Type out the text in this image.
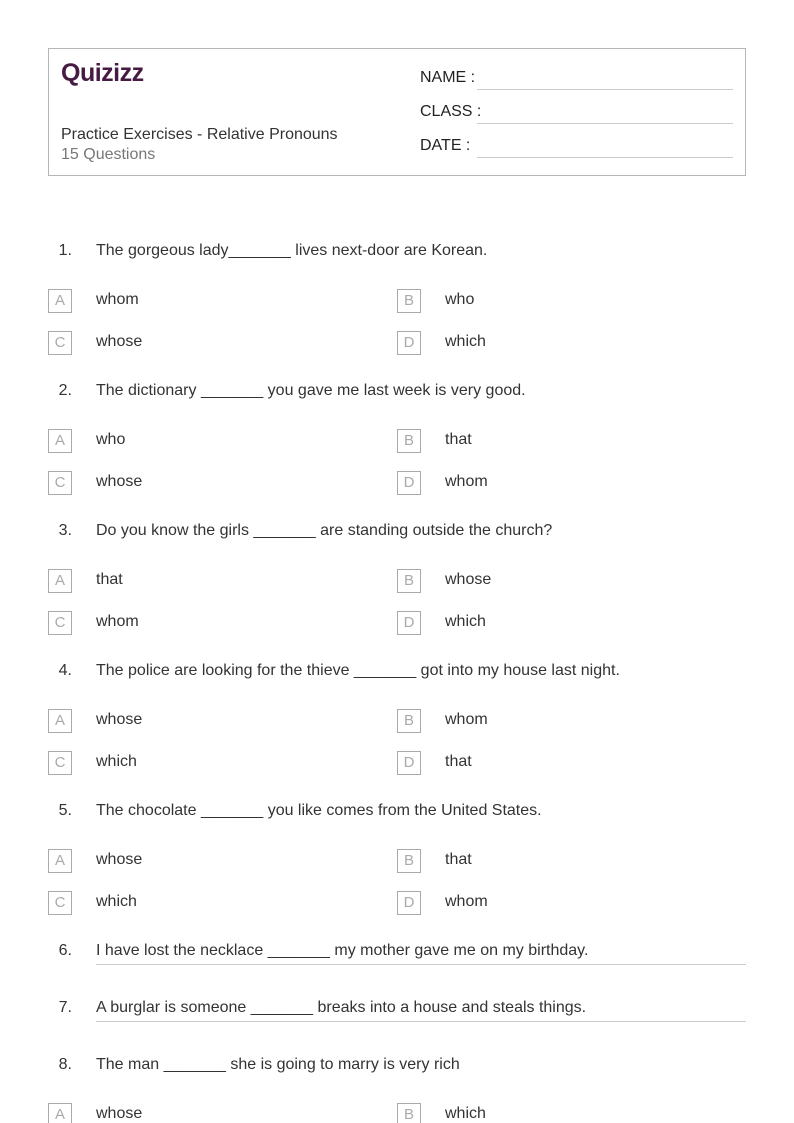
Quizizz
Practice Exercises - Relative Pronouns
15 Questions
NAME :
CLASS :
DATE :
1. The gorgeous lady_______ lives next-door are Korean.
A	whom	B	who
C	whose	D	which
2. The dictionary _______ you gave me last week is very good.
A	who	B	that
C	whose	D	whom
3. Do you know the girls _______ are standing outside the church?
A	that	B	whose
C	whom	D	which
4. The police are looking for the thieve _______ got into my house last night.
A	whose	B	whom
C	which	D	that
5. The chocolate _______ you like comes from the United States.
A	whose	B	that
C	which	D	whom
6. I have lost the necklace _______ my mother gave me on my birthday.
7. A burglar is someone _______ breaks into a house and steals things.
8. The man _______ she is going to marry is very rich
A	whose	B	which
